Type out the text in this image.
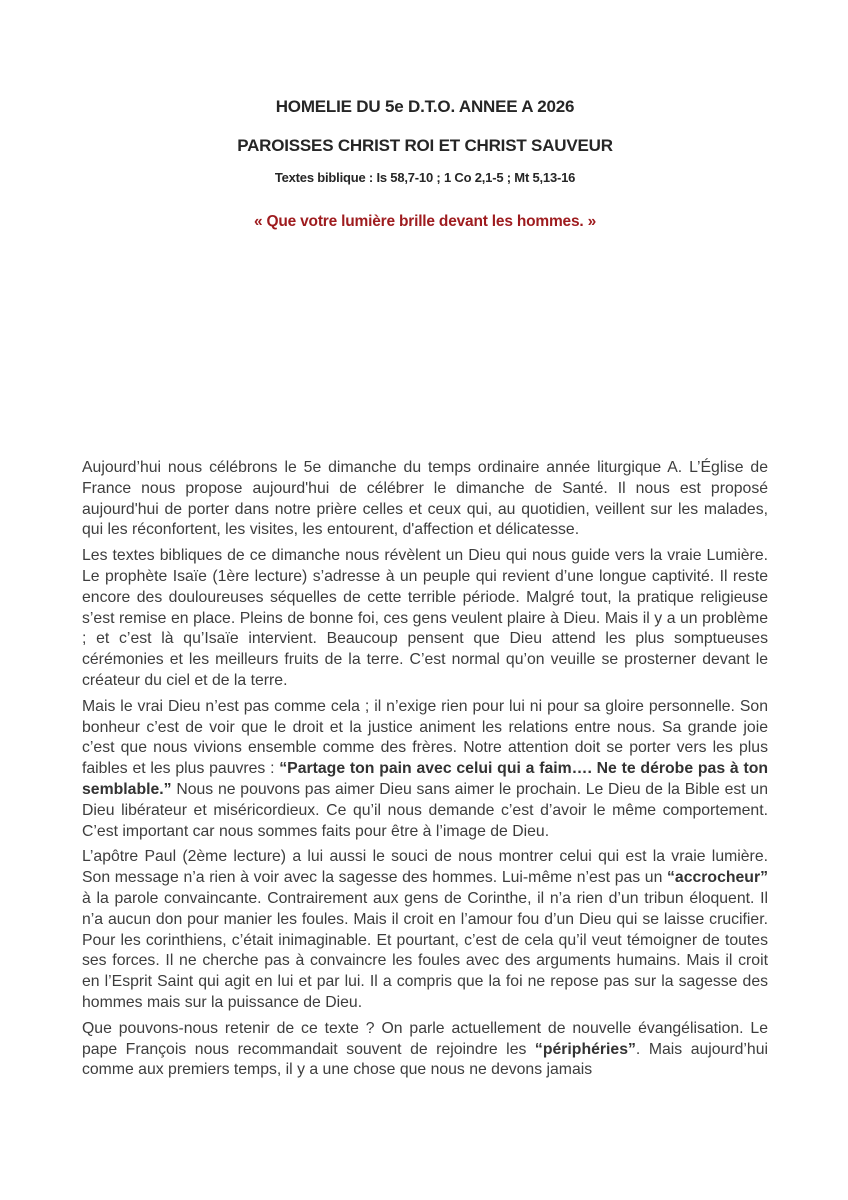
HOMELIE DU 5e D.T.O. ANNEE A 2026
PAROISSES CHRIST ROI ET CHRIST SAUVEUR
Textes biblique : Is 58,7-10 ; 1 Co 2,1-5 ; Mt 5,13-16
« Que votre lumière brille devant les hommes. »

Aujourd’hui nous célébrons le 5e dimanche du temps ordinaire année liturgique A. L’Église de France nous propose aujourd'hui de célébrer le dimanche de Santé. Il nous est proposé aujourd'hui de porter dans notre prière celles et ceux qui, au quotidien, veillent sur les malades, qui les réconfortent, les visites, les entourent, d'affection et délicatesse.

Les textes bibliques de ce dimanche nous révèlent un Dieu qui nous guide vers la vraie Lumière. Le prophète Isaïe (1ère lecture) s’adresse à un peuple qui revient d’une longue captivité. Il reste encore des douloureuses séquelles de cette terrible période. Malgré tout, la pratique religieuse s’est remise en place. Pleins de bonne foi, ces gens veulent plaire à Dieu. Mais il y a un problème ; et c’est là qu’Isaïe intervient. Beaucoup pensent que Dieu attend les plus somptueuses cérémonies et les meilleurs fruits de la terre. C’est normal qu’on veuille se prosterner devant le créateur du ciel et de la terre.

Mais le vrai Dieu n’est pas comme cela ; il n’exige rien pour lui ni pour sa gloire personnelle. Son bonheur c’est de voir que le droit et la justice animent les relations entre nous. Sa grande joie c’est que nous vivions ensemble comme des frères. Notre attention doit se porter vers les plus faibles et les plus pauvres : “Partage ton pain avec celui qui a faim…. Ne te dérobe pas à ton semblable.” Nous ne pouvons pas aimer Dieu sans aimer le prochain. Le Dieu de la Bible est un Dieu libérateur et miséricordieux. Ce qu’il nous demande c’est d’avoir le même comportement. C’est important car nous sommes faits pour être à l’image de Dieu.

L’apôtre Paul (2ème lecture) a lui aussi le souci de nous montrer celui qui est la vraie lumière. Son message n’a rien à voir avec la sagesse des hommes. Lui-même n’est pas un “accrocheur” à la parole convaincante. Contrairement aux gens de Corinthe, il n’a rien d’un tribun éloquent. Il n’a aucun don pour manier les foules. Mais il croit en l’amour fou d’un Dieu qui se laisse crucifier. Pour les corinthiens, c’était inimaginable. Et pourtant, c’est de cela qu’il veut témoigner de toutes ses forces. Il ne cherche pas à convaincre les foules avec des arguments humains. Mais il croit en l’Esprit Saint qui agit en lui et par lui. Il a compris que la foi ne repose pas sur la sagesse des hommes mais sur la puissance de Dieu.

Que pouvons-nous retenir de ce texte ? On parle actuellement de nouvelle évangélisation. Le pape François nous recommandait souvent de rejoindre les “périphéries”. Mais aujourd’hui comme aux premiers temps, il y a une chose que nous ne devons jamais
